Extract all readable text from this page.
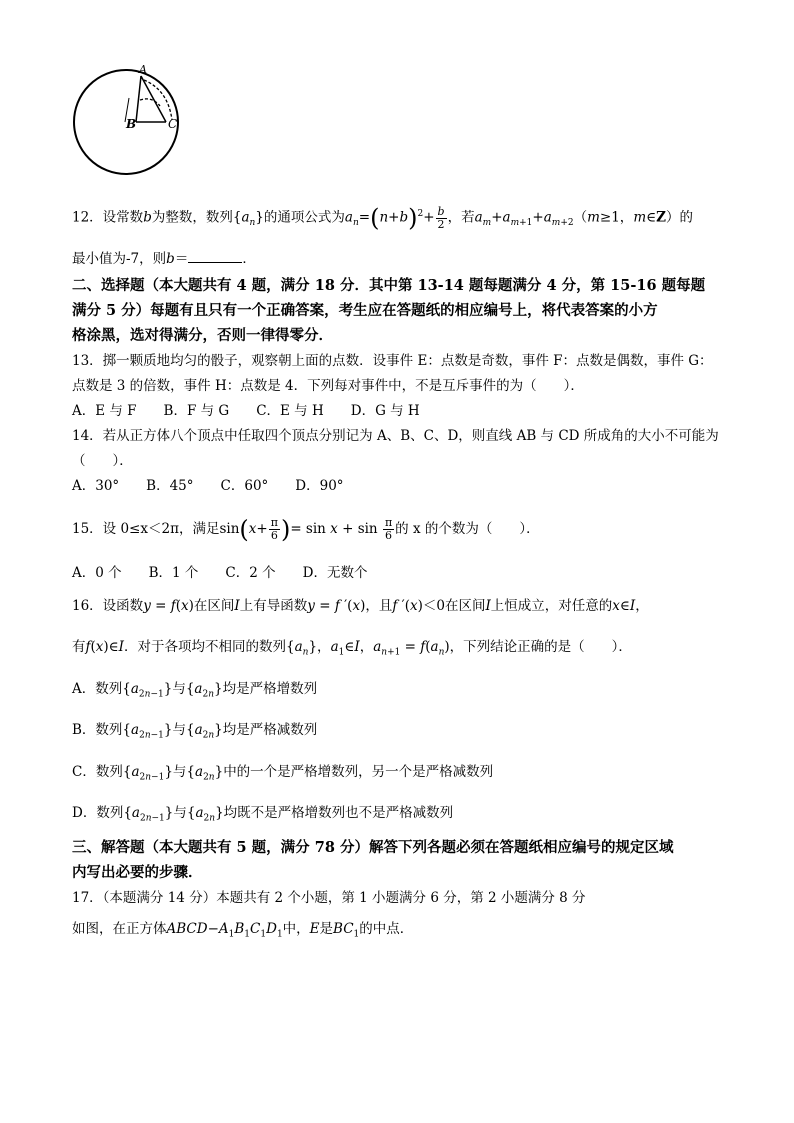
A
B	C
12．设常数b为整数，数列$\{a_n\}$的通项公式为$a_n=(n+b)^2+ \frac{b}{2}$ ，若$a_m+a_{m+1}+a_{m+2}(m\ge 1$，m∈Z）的
最小值为-7，则b＝	．
二、选择题（本大题共有 4 题，满分 18 分．其中第 13-14 题每题满分 4 分，第 15-16 题每题
满分 5 分）每题有且只有一个正确答案，考生应在答题纸的相应编号上，将代表答案的小方
格涂黑，选对得满分，否则一律得零分．
13．掷一颗质地均匀的骰子，观察朝上面的点数．设事件 E：点数是奇数，事件 F：点数是偶数，事件 G：
点数是 3 的倍数，事件 H：点数是 4．下列每对事件中，不是互斥事件的为（　　）．
A．E 与 F　　B．F 与 G　　C．E 与 H　　D．G 与 H
14．若从正方体八个顶点中任取四个顶点分别记为 A、B、C、D，则直线 AB 与 CD 所成角的大小不可能为
（　　）．
A．30°　　B．45°　　C．60°　　D．90°
15．设 0≤x＜2π，满足$\sin(x+ \frac{\pi}{6}$ )= $\sin x + \sin \frac{\pi}{6}$ 的 x 的个数为（　　）．
A．0 个　　B．1 个　　C．2 个　　D．无数个
16．设函数y = f(x)在区间I上有导函数y = f ′(x)，且f ′(x)＜0在区间I上恒成立，对任意的x∈I，
有f(x)∈I．对于各项均不相同的数列$\{a_n\}$，$a_1\in I$，$a_{n+1} = f(a_n)$，下列结论正确的是（　　）．
A．数列$\{a_{2n-1}\}$与$\{a_{2n}\}$均是严格增数列
B．数列$\{a_{2n-1}\}$与$\{a_{2n}\}$均是严格减数列
C．数列$\{a_{2n-1}\}$与$\{a_{2n}\}$中的一个是严格增数列，另一个是严格减数列
D．数列$\{a_{2n-1}\}$与$\{a_{2n}\}$均既不是严格增数列也不是严格减数列
三、解答题（本大题共有 5 题，满分 78 分）解答下列各题必须在答题纸相应编号的规定区域
内写出必要的步骤．
17．（本题满分 14 分）本题共有 2 个小题，第 1 小题满分 6 分，第 2 小题满分 8 分
如图，在正方体$ABCD-A_1B_1C_1D_1$中，E是$BC_1$的中点．
